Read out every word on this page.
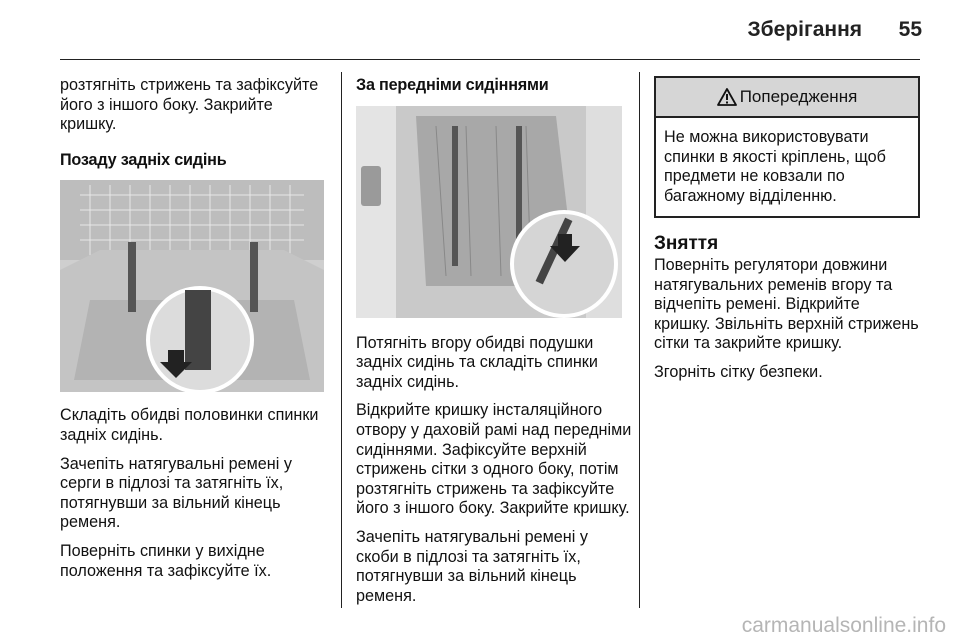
Зберігання 55

розтягніть стрижень та зафіксуйте його з іншого боку. Закрийте кришку.

Позаду задніх сидінь

Складіть обидві половинки спинки задніх сидінь.

Зачепіть натягувальні ремені у серги в підлозі та затягніть їх, потягнувши за вільний кінець ременя.

Поверніть спинки у вихідне положення та зафіксуйте їх.

За передніми сидіннями

Потягніть вгору обидві подушки задніх сидінь та складіть спинки задніх сидінь.

Відкрийте кришку інсталяційного отвору у даховій рамі над передніми сидіннями. Зафіксуйте верхній стрижень сітки з одного боку, потім розтягніть стрижень та зафіксуйте його з іншого боку. Закрийте кришку.

Зачепіть натягувальні ремені у скоби в підлозі та затягніть їх, потягнувши за вільний кінець ременя.

Попередження
Не можна використовувати спинки в якості кріплень, щоб предмети не ковзали по багажному відділенню.
Зняття

Поверніть регулятори довжини натягувальних ременів вгору та відчепіть ремені. Відкрийте кришку. Звільніть верхній стрижень сітки та закрийте кришку.

Згорніть сітку безпеки.

carmanualsonline.info
